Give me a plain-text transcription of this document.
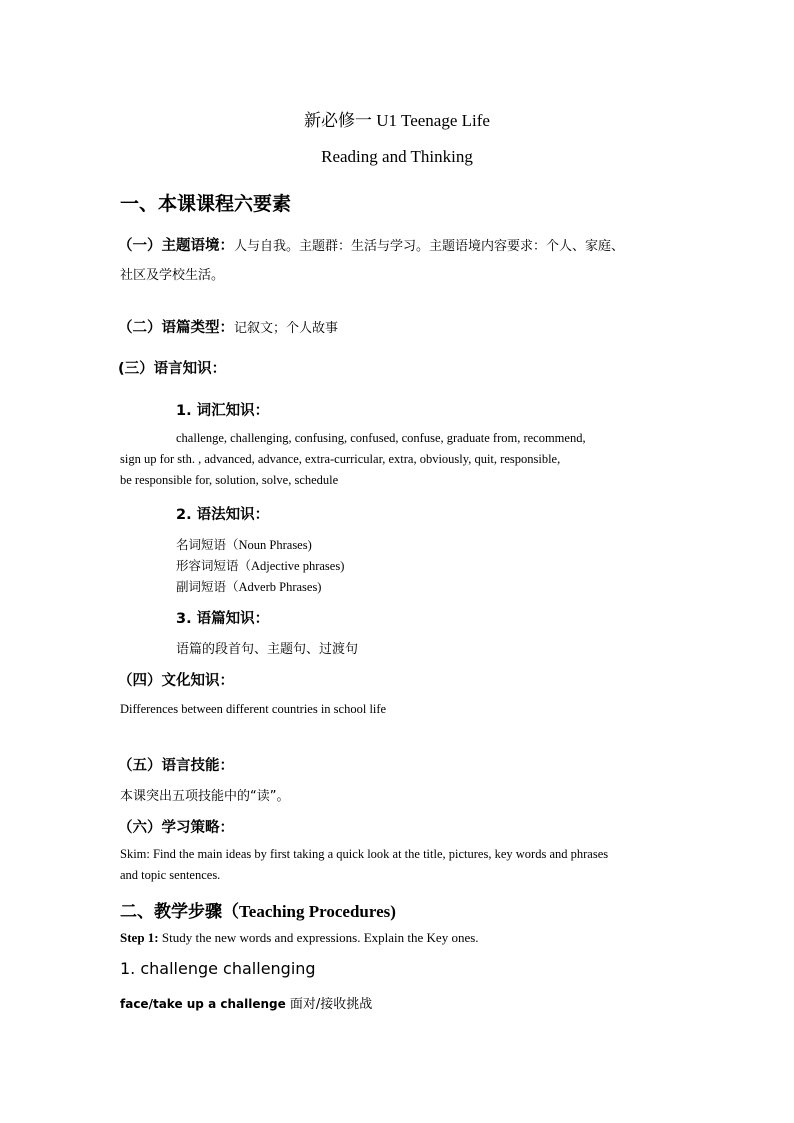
新必修一 U1 Teenage Life
Reading and Thinking
一、本课课程六要素
（一）主题语境：人与自我。主题群：生活与学习。主题语境内容要求：个人、家庭、
社区及学校生活。
（二）语篇类型：记叙文；个人故事
(三）语言知识：
1. 词汇知识：
challenge, challenging, confusing, confused, confuse, graduate from, recommend,
sign up for sth. , advanced, advance, extra-curricular, extra, obviously, quit, responsible,
be responsible for, solution, solve, schedule
2. 语法知识：
名词短语（Noun Phrases)
形容词短语（Adjective phrases)
副词短语（Adverb Phrases)
3. 语篇知识：
语篇的段首句、主题句、过渡句
（四）文化知识：
Differences between different countries in school life
（五）语言技能：
本课突出五项技能中的“读”。
（六）学习策略：
Skim: Find the main ideas by first taking a quick look at the title, pictures, key words and phrases
and topic sentences.
二、教学步骤（Teaching Procedures)
Step 1: Study the new words and expressions. Explain the Key ones.
1. challenge challenging
face/take up a challenge 面对/接收挑战
